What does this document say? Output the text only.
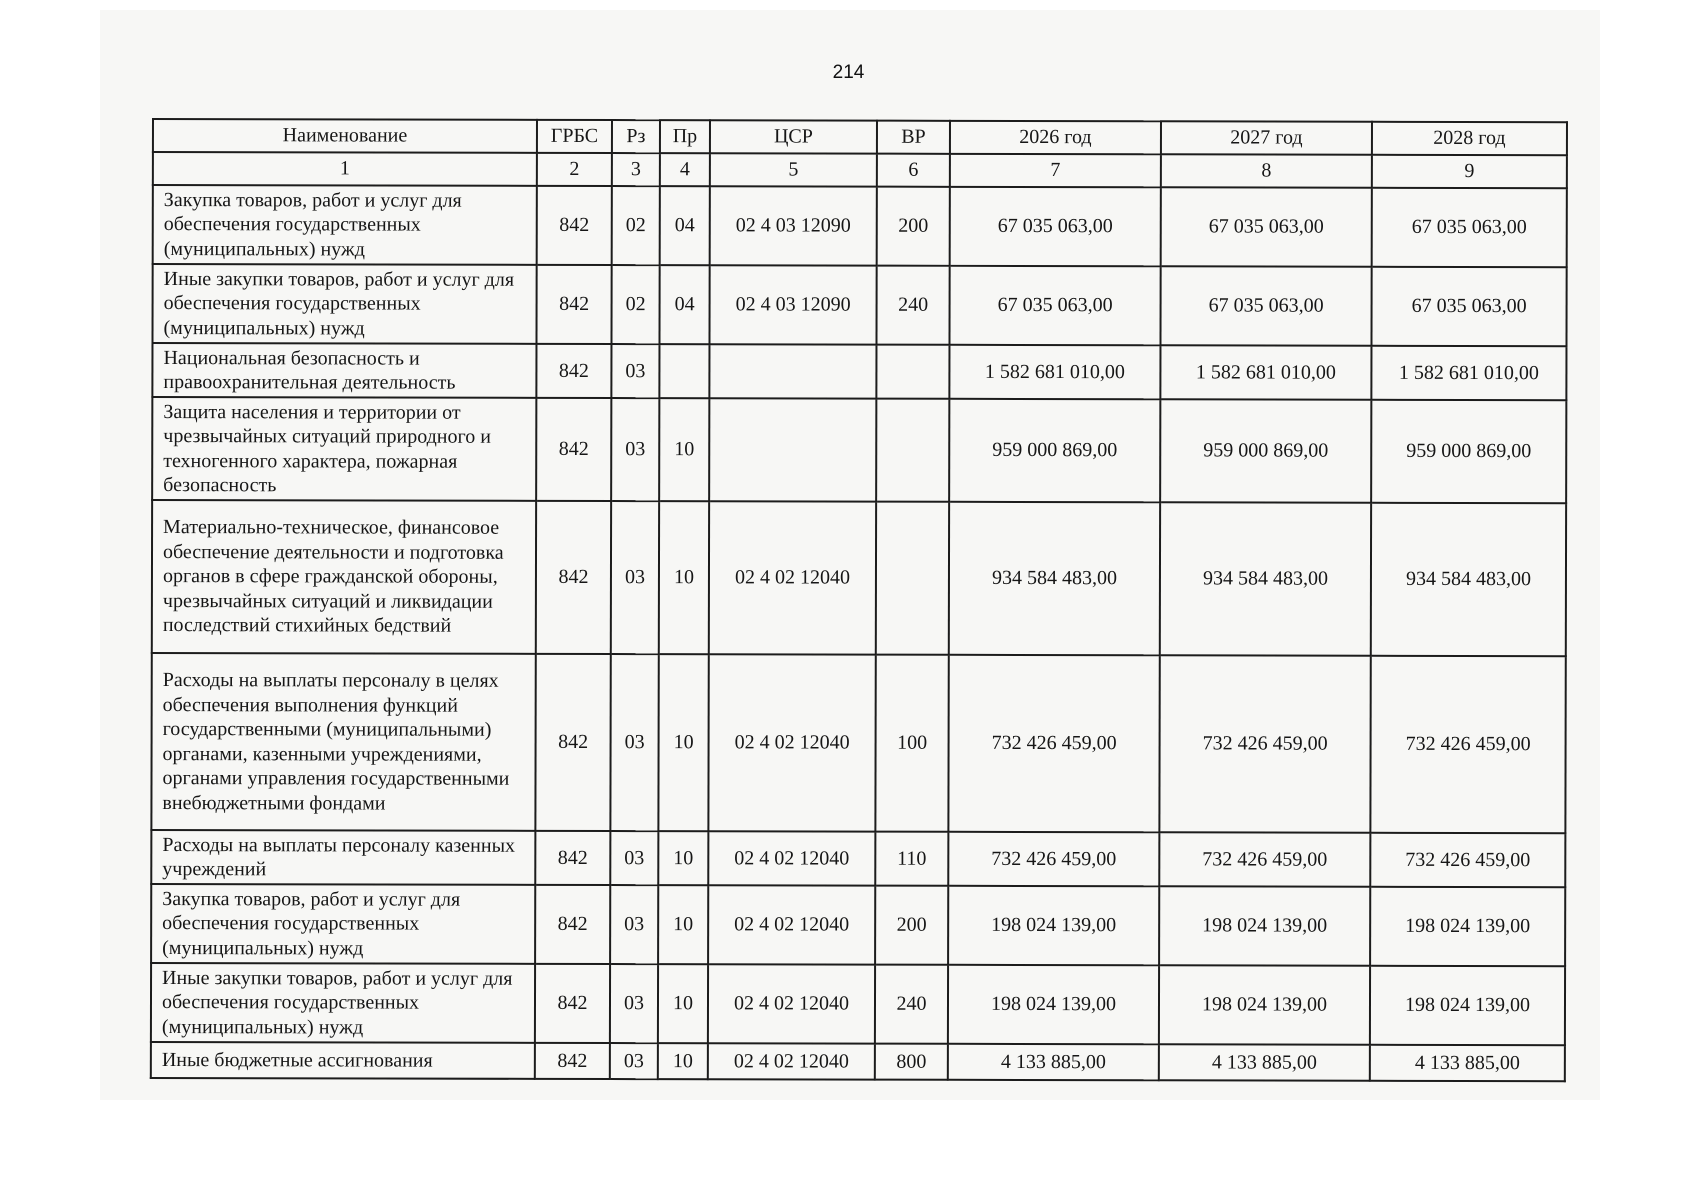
214
Наименование	ГРБС	Рз	Пр	ЦСР	ВР	2026 год	2027 год	2028 год
1	2	3	4	5	6	7	8	9
Закупка товаров, работ и услуг для обеспечения государственных (муниципальных) нужд	842	02	04	02 4 03 12090	200	67 035 063,00	67 035 063,00	67 035 063,00
Иные закупки товаров, работ и услуг для обеспечения государственных (муниципальных) нужд	842	02	04	02 4 03 12090	240	67 035 063,00	67 035 063,00	67 035 063,00
Национальная безопасность и правоохранительная деятельность	842	03				1 582 681 010,00	1 582 681 010,00	1 582 681 010,00
Защита населения и территории от чрезвычайных ситуаций природного и техногенного характера, пожарная безопасность	842	03	10			959 000 869,00	959 000 869,00	959 000 869,00
Материально-техническое, финансовое обеспечение деятельности и подготовка органов в сфере гражданской обороны, чрезвычайных ситуаций и ликвидации последствий стихийных бедствий	842	03	10	02 4 02 12040		934 584 483,00	934 584 483,00	934 584 483,00
Расходы на выплаты персоналу в целях обеспечения выполнения функций государственными (муниципальными) органами, казенными учреждениями, органами управления государственными внебюджетными фондами	842	03	10	02 4 02 12040	100	732 426 459,00	732 426 459,00	732 426 459,00
Расходы на выплаты персоналу казенных учреждений	842	03	10	02 4 02 12040	110	732 426 459,00	732 426 459,00	732 426 459,00
Закупка товаров, работ и услуг для обеспечения государственных (муниципальных) нужд	842	03	10	02 4 02 12040	200	198 024 139,00	198 024 139,00	198 024 139,00
Иные закупки товаров, работ и услуг для обеспечения государственных (муниципальных) нужд	842	03	10	02 4 02 12040	240	198 024 139,00	198 024 139,00	198 024 139,00
Иные бюджетные ассигнования	842	03	10	02 4 02 12040	800	4 133 885,00	4 133 885,00	4 133 885,00
